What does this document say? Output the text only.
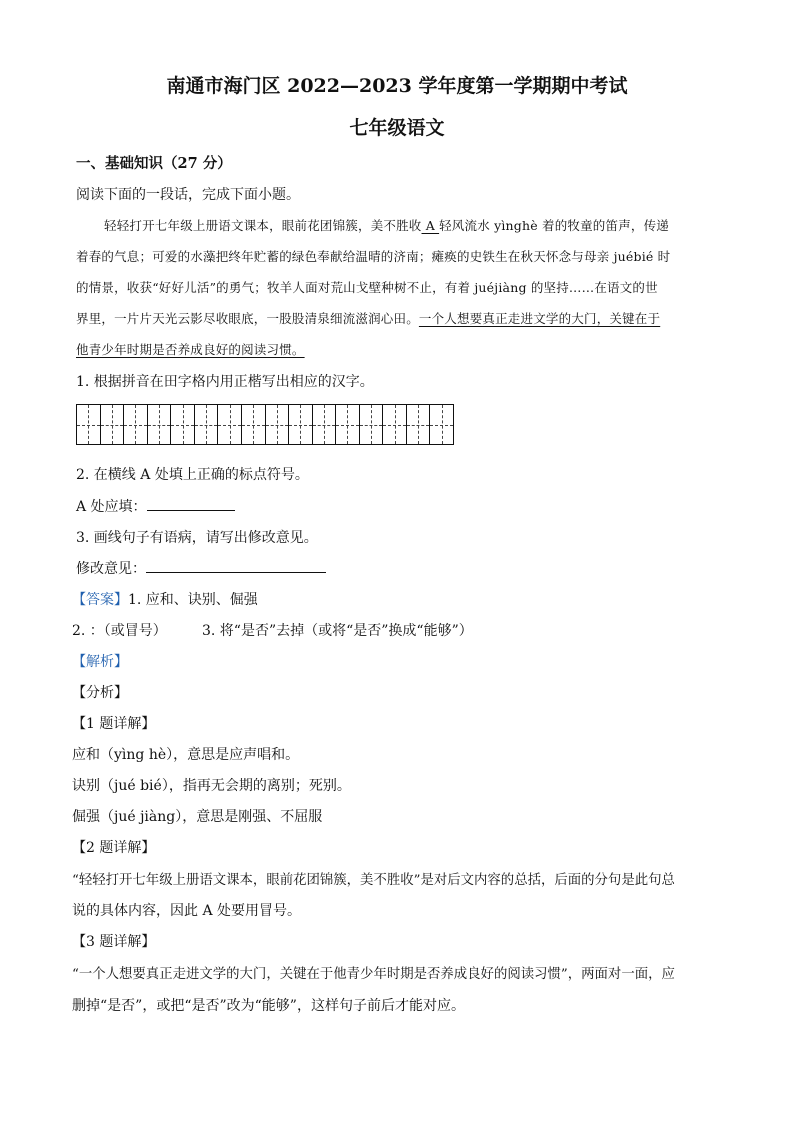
南通市海门区 2022—2023 学年度第一学期期中考试
七年级语文
一、基础知识（27 分）
阅读下面的一段话，完成下面小题。
轻轻打开七年级上册语文课本，眼前花团锦簇，美不胜收 A 轻风流水 yìnghè 着的牧童的笛声，传递
着春的气息；可爱的水藻把终年贮蓄的绿色奉献给温晴的济南；瘫痪的史铁生在秋天怀念与母亲 juébié 时
的情景，收获“好好儿活”的勇气；牧羊人面对荒山戈壁种树不止，有着 juéjiàng 的坚持……在语文的世
界里，一片片天光云影尽收眼底，一股股清泉细流滋润心田。一个人想要真正走进文学的大门，关键在于
他青少年时期是否养成良好的阅读习惯。
1. 根据拼音在田字格内用正楷写出相应的汉字。
2. 在横线 A 处填上正确的标点符号。
A 处应填：
3. 画线句子有语病，请写出修改意见。
修改意见：
【答案】1. 应和、诀别、倔强
2. ：（或冒号）	3. 将“是否”去掉（或将“是否”换成“能够”）
【解析】
【分析】
【1 题详解】
应和（yìng hè），意思是应声唱和。
诀别（jué bié），指再无会期的离别；死别。
倔强（jué jiàng），意思是刚强、不屈服
【2 题详解】
“轻轻打开七年级上册语文课本，眼前花团锦簇，美不胜收”是对后文内容的总括，后面的分句是此句总
说的具体内容，因此 A 处要用冒号。
【3 题详解】
“一个人想要真正走进文学的大门，关键在于他青少年时期是否养成良好的阅读习惯”，两面对一面，应
删掉“是否”，或把“是否”改为“能够”，这样句子前后才能对应。
